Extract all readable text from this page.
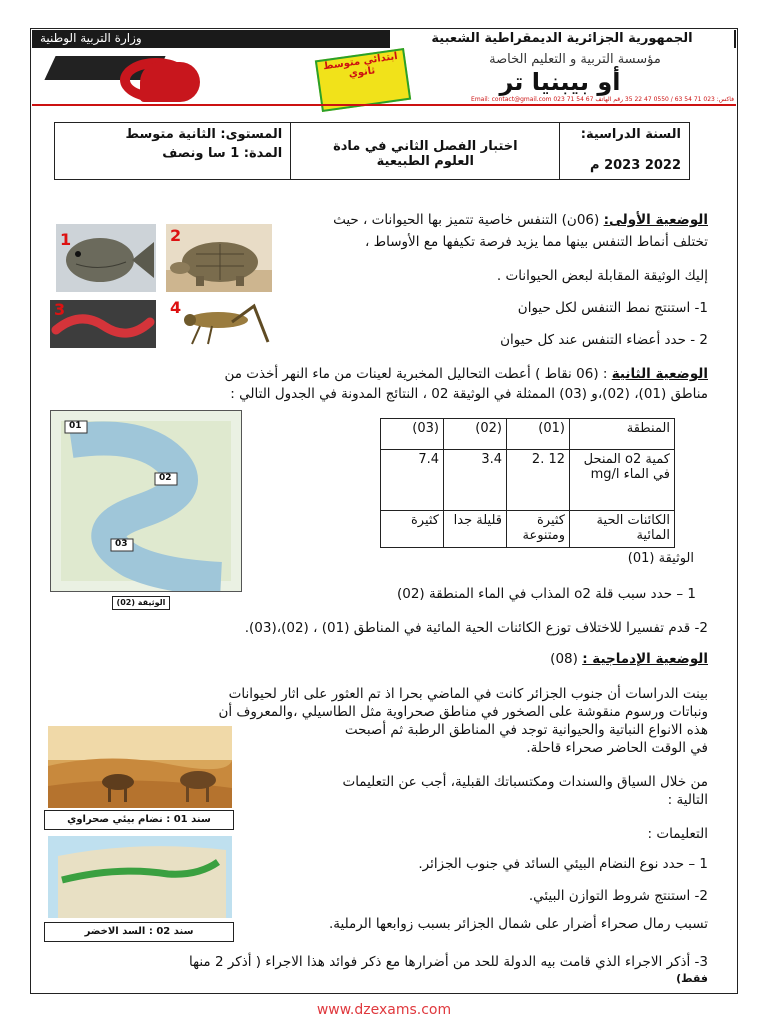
وزارة التربية الوطنية	الجمهورية الجزائرية الديمقراطية الشعبية
مؤسسة التربية و التعليم الخاصة
أو بيبنيا تر
ابتدائي متوسط ثانوي
Email: contact@gmail.com 023 71 54 67 فاكس: 023 71 54 63 / 0550 47 22 35 رقم الهاتف
المستوى: الثانية متوسط
المدة: 1 سا ونصف	اختبار الفصل الثاني في مادة
العلوم الطبيعية
السنة الدراسية:
2022 2023 م
الوضعية الأولى: (06ن) التنفس خاصية تتميز بها الحيوانات ، حيث
تختلف أنماط التنفس بينها مما يزيد فرصة تكيفها مع الأوساط ،
إليك الوثيقة المقابلة لبعض الحيوانات .
1- استنتج نمط التنفس لكل حيوان
2 - حدد أعضاء التنفس عند كل حيوان
1	2
3	4
الوضعية الثانية : (06 نقاط ) أعطت التحاليل المخبرية لعينات من ماء النهر أخذت من
مناطق (01)، (02)،و (03) الممثلة في الوثيقة 02 ، النتائج المدونة في الجدول التالي :
01
02
03
الوثيقة (02)
المنطقة	(01)	(02)	(03)
كمية o2 المنحل في الماء mg/l	12 .2	3.4	7.4
الكائنات الحية المائية	كثيرة ومتنوعة	قليلة جدا	كثيرة
الوثيقة (01)
1 – حدد سبب قلة o2 المذاب في الماء المنطقة (02)
2- قدم تفسيرا للاختلاف توزع الكائنات الحية المائية في المناطق (01) ، (02)،(03).
الوضعية الإدماجية : (08)
بينت الدراسات أن جنوب الجزائر كانت في الماضي بحرا اذ تم العثور على اثار لحيوانات
ونباتات ورسوم منقوشة على الصخور في مناطق صحراوية مثل الطاسيلي ،والمعروف أن
هذه الانواع النباتية والحيوانية توجد في المناطق الرطبة ثم أصبحت
في الوقت الحاضر صحراء قاحلة.
من خلال السياق والسندات ومكتسباتك القبلية، أجب عن التعليمات
التالية :
التعليمات :
1 – حدد نوع النضام البيئي السائد في جنوب الجزائر.
2- استنتج شروط التوازن البيئي.
تسبب رمال صحراء أضرار على شمال الجزائر بسبب زوابعها الرملية.
3- أذكر الاجراء الذي قامت بيه الدولة للحد من أضرارها مع ذكر فوائد هذا الاجراء ( أذكر 2 منها
فقط)
سند 01 : نضام بيئي صحراوي
سند 02 : السد الاخضر
www.dzexams.com
